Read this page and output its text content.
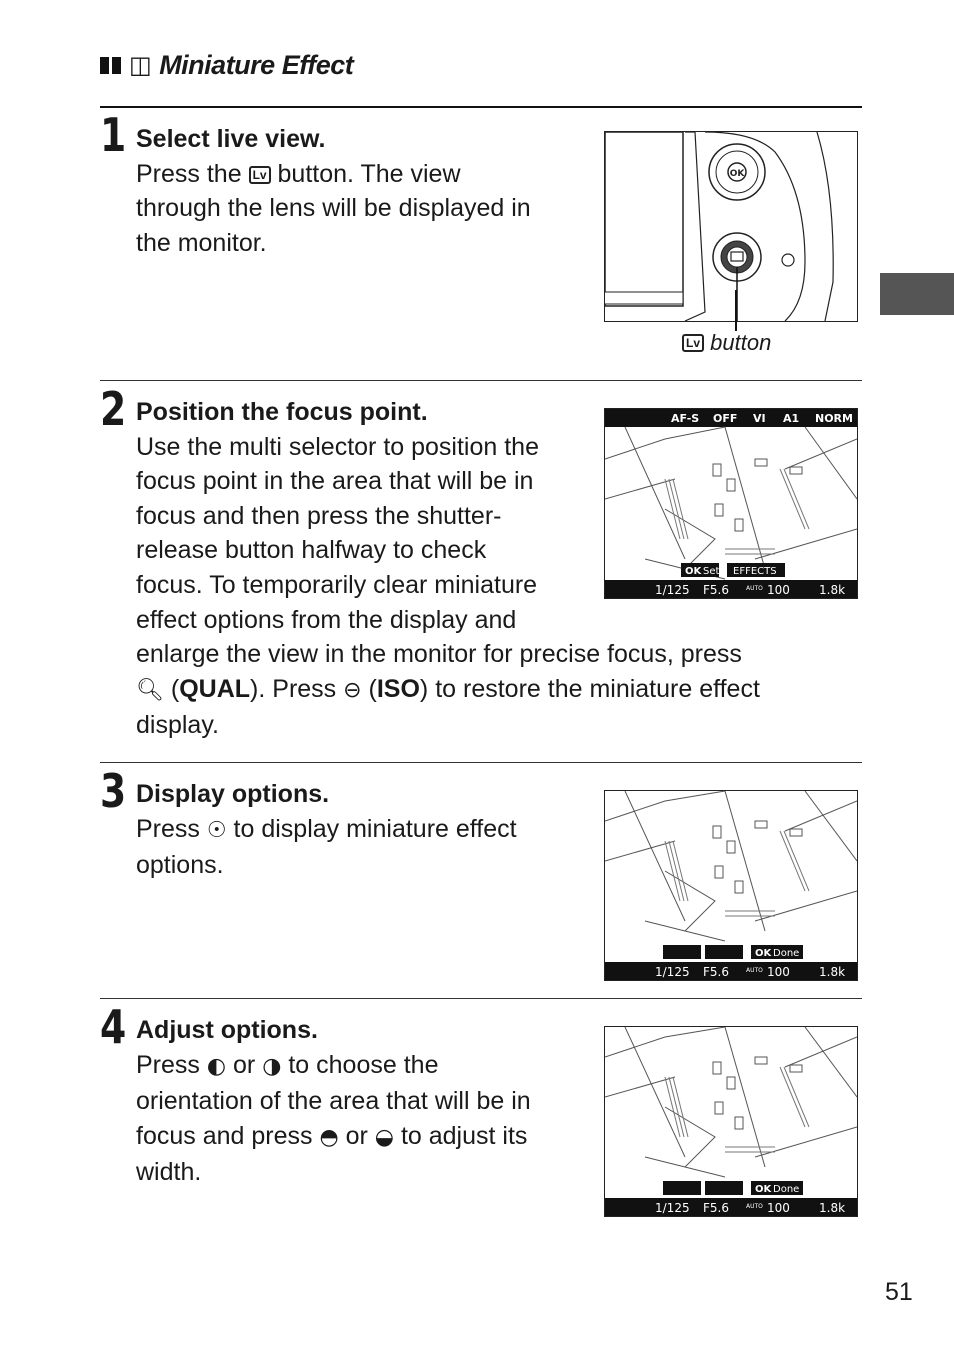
◫ Miniature Effect
1 Select live view.
Press the Lv button. The view
through the lens will be displayed in
the monitor.
OK
Lv button
2 Position the focus point.
Use the multi selector to position the
focus point in the area that will be in
focus and then press the shutter-
release button halfway to check
focus. To temporarily clear miniature
effect options from the display and
enlarge the view in the monitor for precise focus, press
🔍︎ (QUAL). Press ⊖ (ISO) to restore the miniature effect
display.
AF-S OFF VI A1 NORM
OK Set EFFECTS
1/125 F5.6	AUTO 100 1.8k
3 Display options.
Press ☉ to display miniature effect
options.
OK Done
1/125 F5.6	AUTO 100 1.8k
4 Adjust options.
Press ◐ or ◑ to choose the
orientation of the area that will be in
focus and press ◓ or ◒ to adjust its
width.
OK Done
1/125 F5.6	AUTO 100 1.8k
51
